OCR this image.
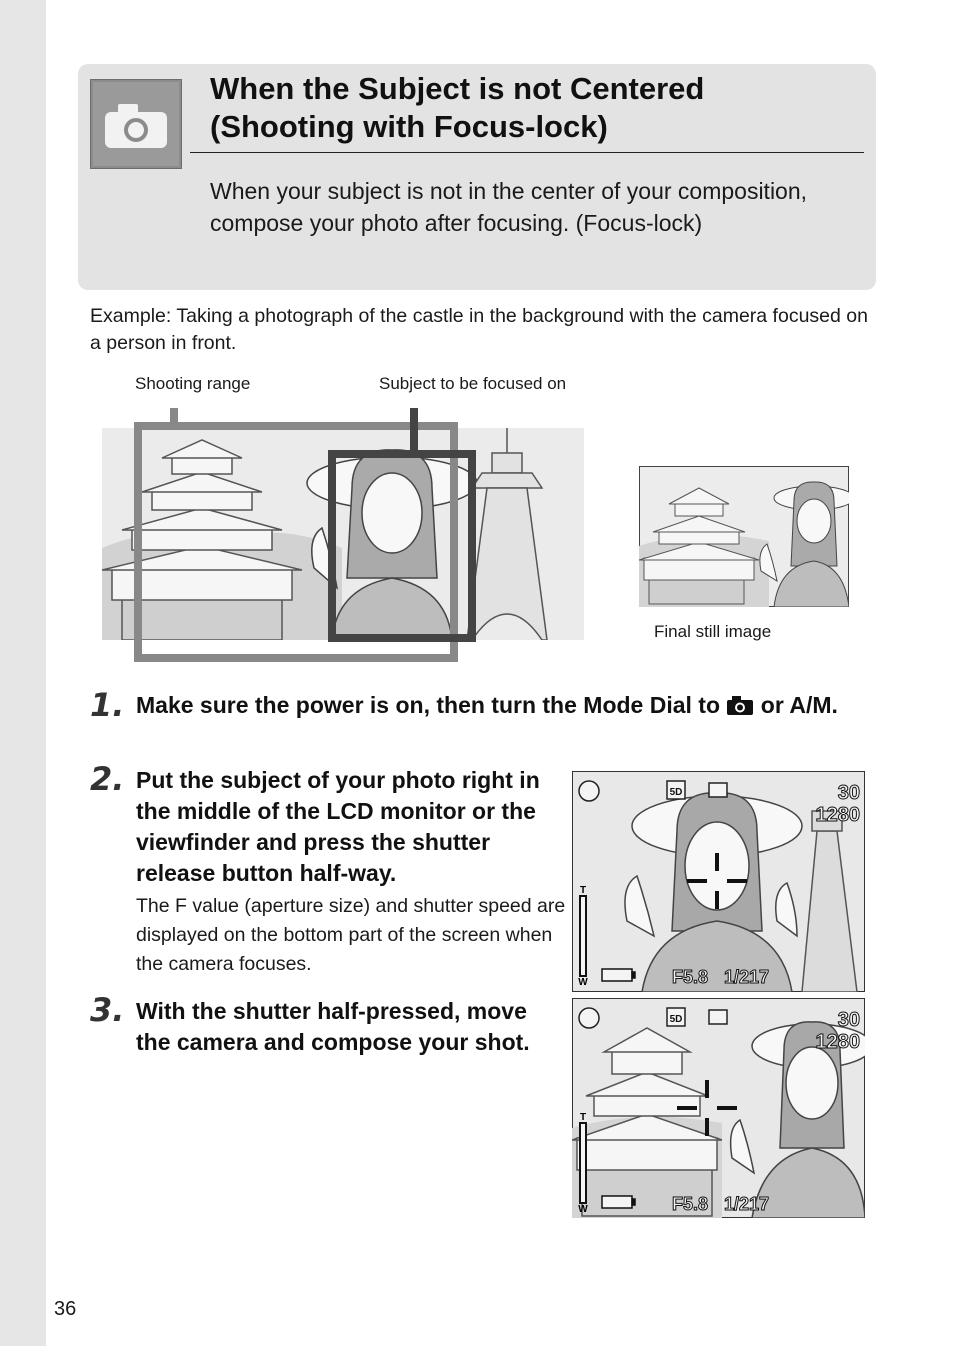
When the Subject is not Centered
(Shooting with Focus-lock)

When your subject is not in the center of your composition, compose your photo after focusing. (Focus-lock)

Example: Taking a photograph of the castle in the background with the camera focused on a person in front.

Shooting range	Subject to be focused on
Final still image
1. Make sure the power is on, then turn the Mode Dial to or A/M.

2. Put the subject of your photo right in the middle of the LCD monitor or the viewfinder and press the shutter release button half-way.

The F value (aperture size) and shutter speed are displayed on the bottom part of the screen when the camera focuses.

5D	30
1280
T
W	F5.8 1/217
3. With the shutter half-pressed, move the camera and compose your shot.

5D	30
1280
T
W	F5.8 1/217
36
